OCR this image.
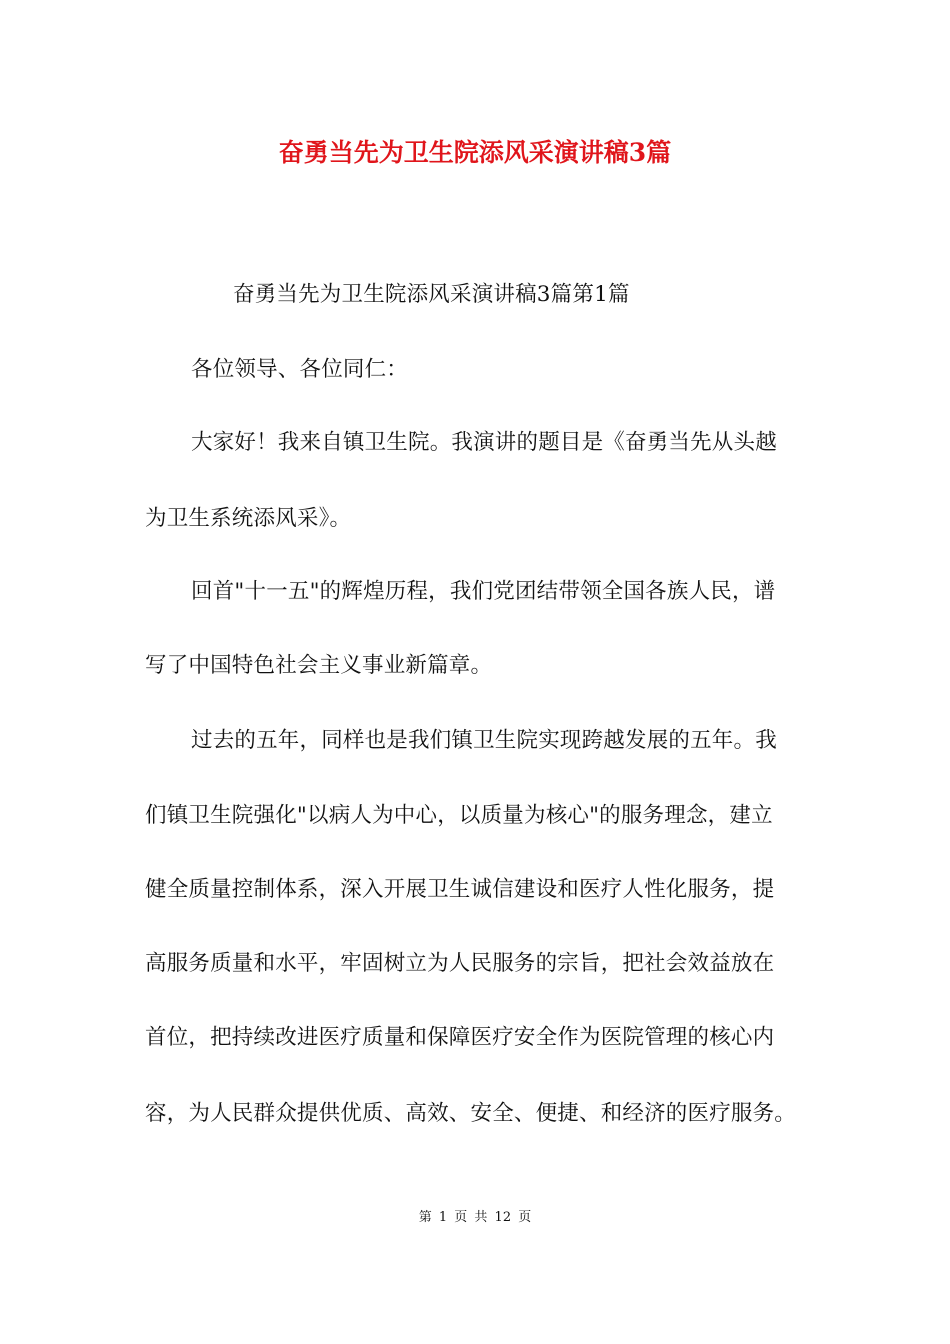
奋勇当先为卫生院添风采演讲稿3篇
奋勇当先为卫生院添风采演讲稿3篇第1篇
各位领导、各位同仁：
大家好！我来自镇卫生院。我演讲的题目是《奋勇当先从头越
为卫生系统添风采》。
回首"十一五"的辉煌历程，我们党团结带领全国各族人民，谱
写了中国特色社会主义事业新篇章。
过去的五年，同样也是我们镇卫生院实现跨越发展的五年。我
们镇卫生院强化"以病人为中心，以质量为核心"的服务理念，建立
健全质量控制体系，深入开展卫生诚信建设和医疗人性化服务，提
高服务质量和水平，牢固树立为人民服务的宗旨，把社会效益放在
首位，把持续改进医疗质量和保障医疗安全作为医院管理的核心内
容，为人民群众提供优质、高效、安全、便捷、和经济的医疗服务。
第 1 页 共 12 页
